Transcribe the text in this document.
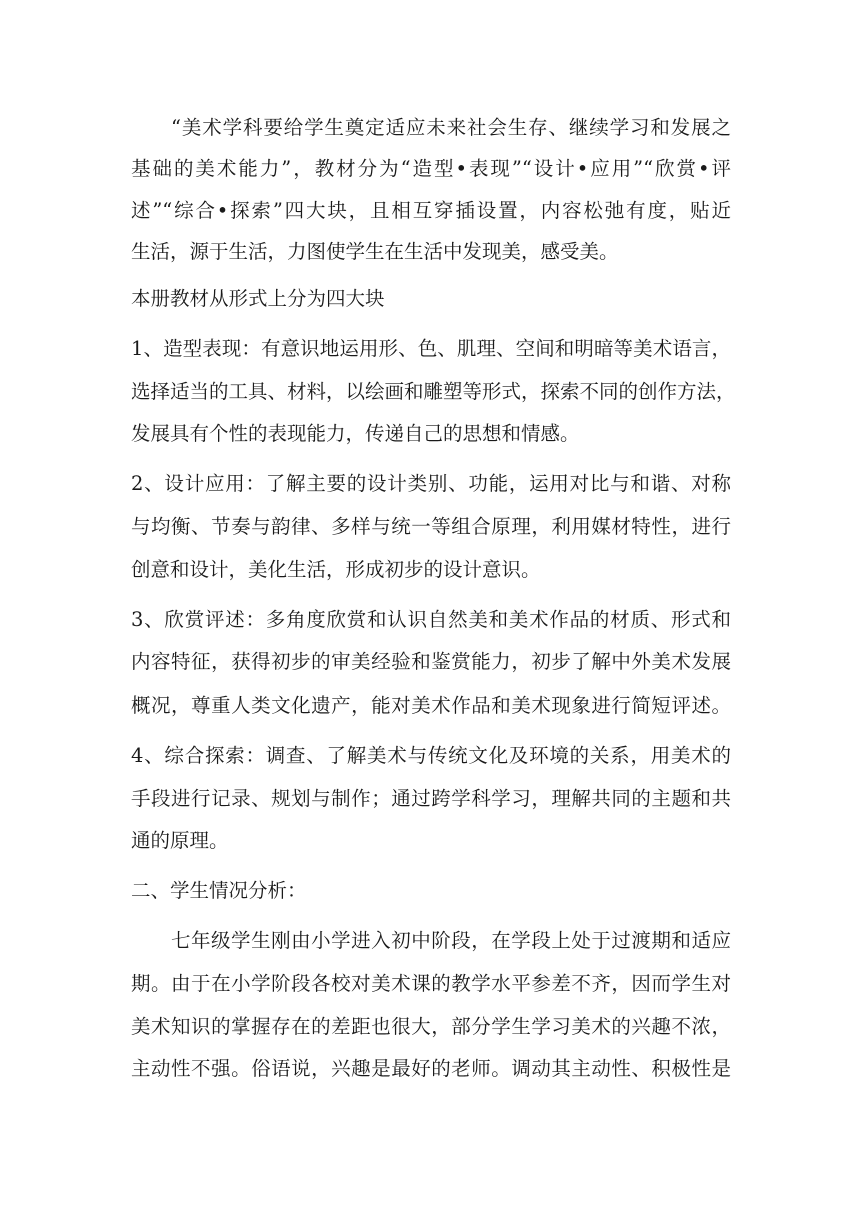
“美术学科要给学生奠定适应未来社会生存、继续学习和发展之
基础的美术能力”，教材分为“造型•表现”“设计•应用”“欣赏•评
述”“综合•探索”四大块，且相互穿插设置，内容松弛有度，贴近
生活，源于生活，力图使学生在生活中发现美，感受美。
本册教材从形式上分为四大块
1、造型表现：有意识地运用形、色、肌理、空间和明暗等美术语言，
选择适当的工具、材料，以绘画和雕塑等形式，探索不同的创作方法，
发展具有个性的表现能力，传递自己的思想和情感。
2、设计应用：了解主要的设计类别、功能，运用对比与和谐、对称
与均衡、节奏与韵律、多样与统一等组合原理，利用媒材特性，进行
创意和设计，美化生活，形成初步的设计意识。
3、欣赏评述：多角度欣赏和认识自然美和美术作品的材质、形式和
内容特征，获得初步的审美经验和鉴赏能力，初步了解中外美术发展
概况，尊重人类文化遗产，能对美术作品和美术现象进行简短评述。
4、综合探索：调查、了解美术与传统文化及环境的关系，用美术的
手段进行记录、规划与制作；通过跨学科学习，理解共同的主题和共
通的原理。
二、学生情况分析：
七年级学生刚由小学进入初中阶段，在学段上处于过渡期和适应
期。由于在小学阶段各校对美术课的教学水平参差不齐，因而学生对
美术知识的掌握存在的差距也很大，部分学生学习美术的兴趣不浓，
主动性不强。俗语说，兴趣是最好的老师。调动其主动性、积极性是
